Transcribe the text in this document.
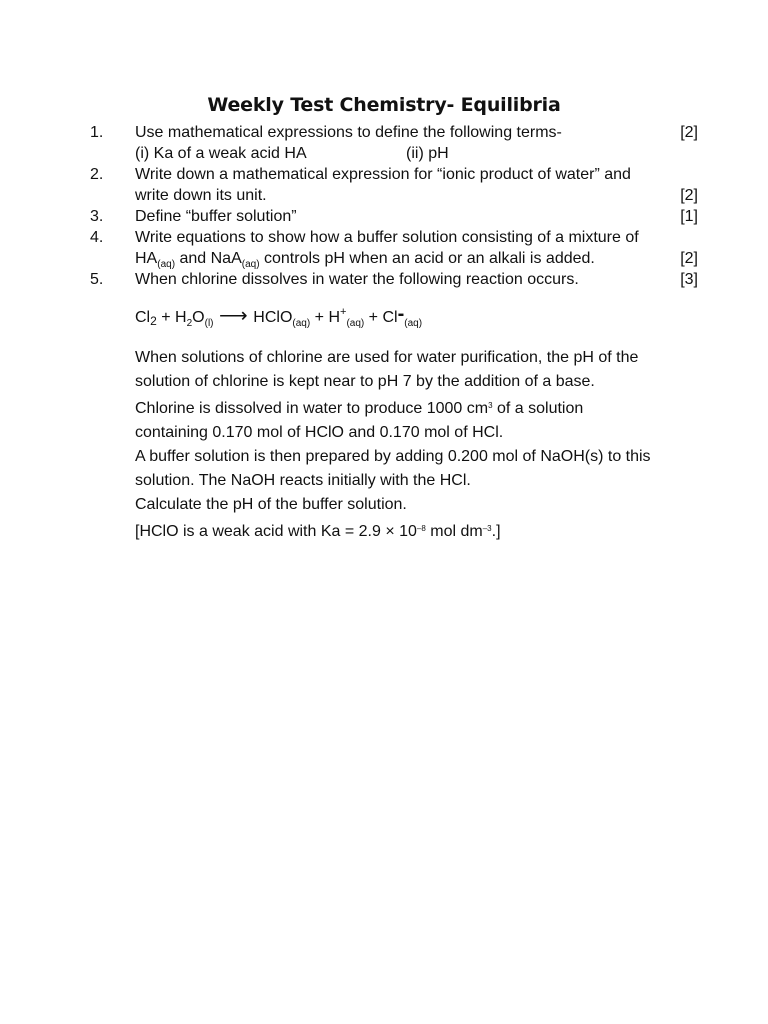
Weekly Test Chemistry- Equilibria
1. Use mathematical expressions to define the following terms-	[2]
(i) Ka of a weak acid HA	(ii) pH
2. Write down a mathematical expression for “ionic product of water” and
write down its unit.	[2]
3. Define “buffer solution”	[1]
4. Write equations to show how a buffer solution consisting of a mixture of
$HA_{(aq)}$ and NaA$_{(aq)}$ controls pH when an acid or an alkali is added.	[2]
5. When chlorine dissolves in water the following reaction occurs.	[3]
$Cl2 + H_2O_{(l)}$ ⟶ HClO$_{(aq)}$ + $H^+_{(aq)} + Cl-_{(aq)}$
When solutions of chlorine are used for water purification, the pH of the
solution of chlorine is kept near to pH 7 by the addition of a base.
Chlorine is dissolved in water to produce 1000 $cm^3$ of a solution
containing 0.170 mol of HClO and 0.170 mol of HCl.
A buffer solution is then prepared by adding 0.200 mol of NaOH(s) to this
solution. The NaOH reacts initially with the HCl.
Calculate the pH of the buffer solution.
[HClO is a weak acid with $Ka = 2.9 \times 10^{-8}$ mol $dm^{-3}$.]
